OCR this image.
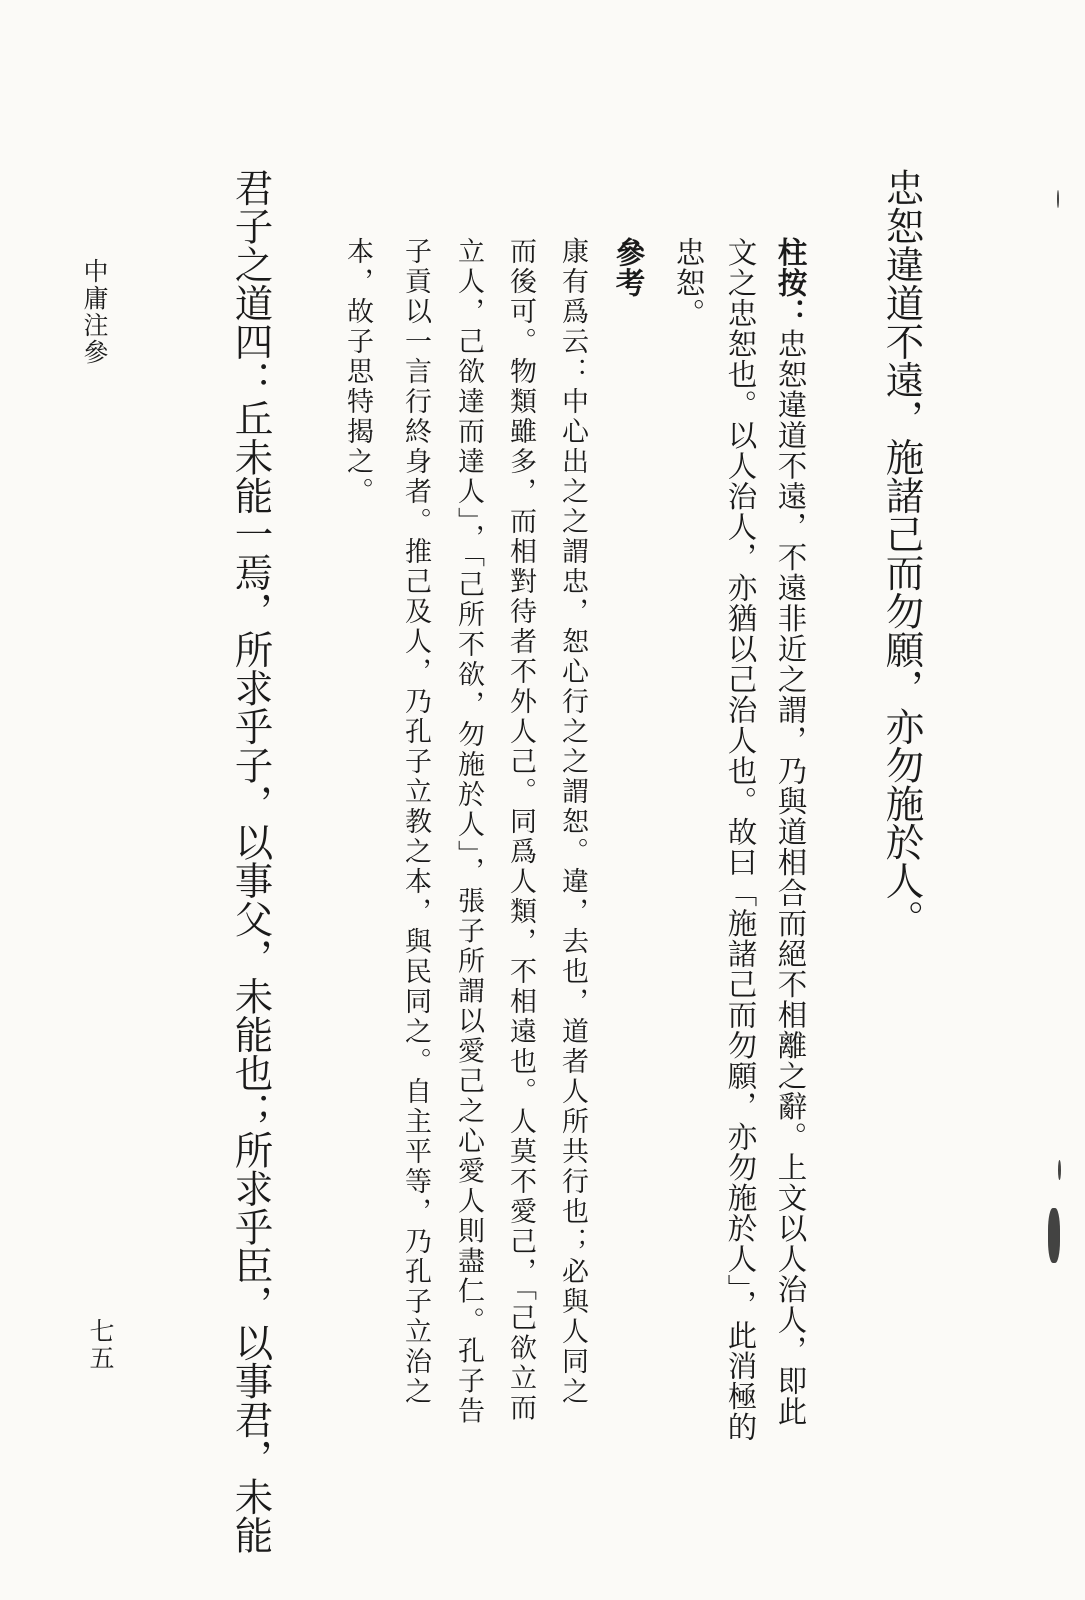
忠恕違道不遠，施諸己而勿願，亦勿施於人。
柱按：忠恕違道不遠，不遠非近之謂，乃與道相合而絕不相離之辭。上文以人治人，即此
文之忠恕也。以人治人，亦猶以己治人也。故曰「施諸己而勿願，亦勿施於人」，此消極的
忠恕。
參考
康有爲云：中心出之之謂忠，恕心行之之謂恕。違，去也，道者人所共行也；必與人同之
而後可。物類雖多，而相對待者不外人己。同爲人類，不相遠也。人莫不愛己，「己欲立而
立人，己欲達而達人」，「己所不欲，勿施於人」，張子所謂以愛己之心愛人則盡仁。孔子告
子貢以一言行終身者。推己及人，乃孔子立教之本，與民同之。自主平等，乃孔子立治之
本，故子思特揭之。
君子之道四：丘未能一焉，所求乎子，以事父，未能也；所求乎臣，以事君，未能
中庸注參
七五
